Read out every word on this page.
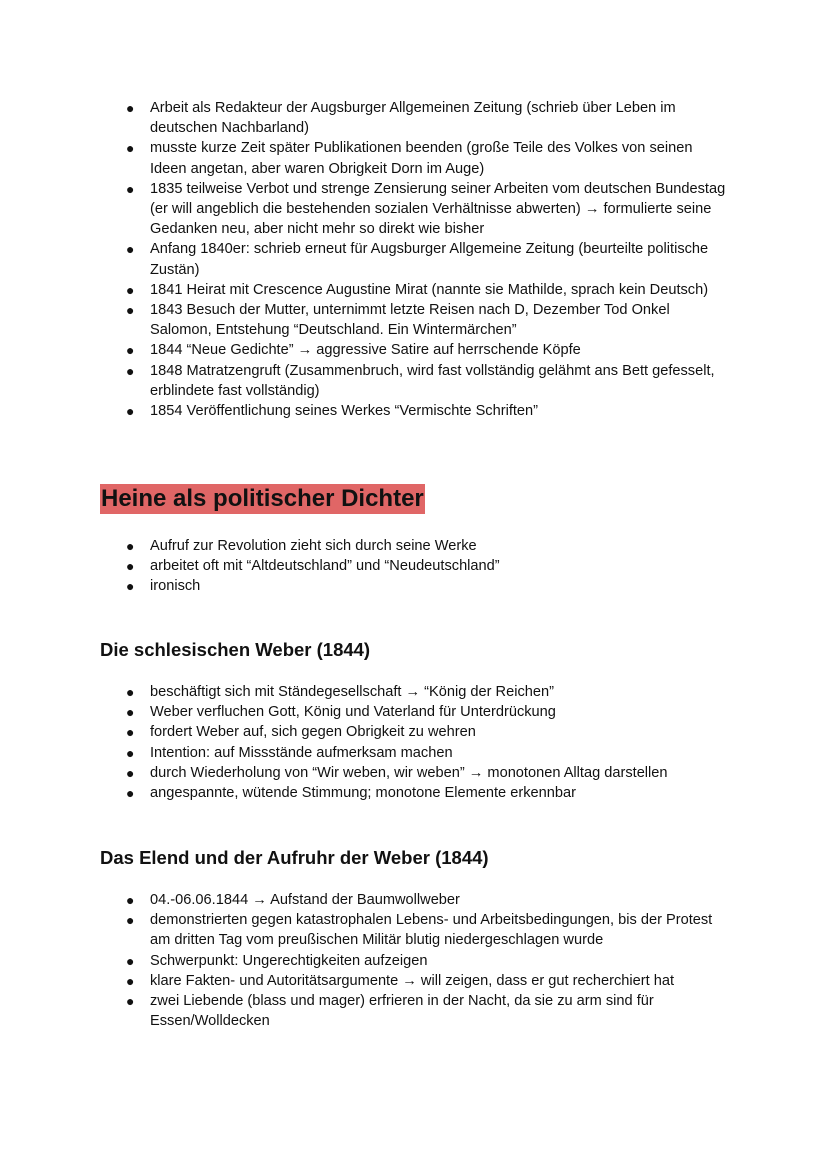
● Arbeit als Redakteur der Augsburger Allgemeinen Zeitung (schrieb über Leben im deutschen Nachbarland)
● musste kurze Zeit später Publikationen beenden (große Teile des Volkes von seinen Ideen angetan, aber waren Obrigkeit Dorn im Auge)
● 1835 teilweise Verbot und strenge Zensierung seiner Arbeiten vom deutschen Bundestag (er will angeblich die bestehenden sozialen Verhältnisse abwerten) → formulierte seine Gedanken neu, aber nicht mehr so direkt wie bisher
● Anfang 1840er: schrieb erneut für Augsburger Allgemeine Zeitung (beurteilte politische Zustän)
● 1841 Heirat mit Crescence Augustine Mirat (nannte sie Mathilde, sprach kein Deutsch)
● 1843 Besuch der Mutter, unternimmt letzte Reisen nach D, Dezember Tod Onkel Salomon, Entstehung “Deutschland. Ein Wintermärchen”
● 1844 “Neue Gedichte” → aggressive Satire auf herrschende Köpfe
● 1848 Matratzengruft (Zusammenbruch, wird fast vollständig gelähmt ans Bett gefesselt, erblindete fast vollständig)
● 1854 Veröffentlichung seines Werkes “Vermischte Schriften”
Heine als politischer Dichter
● Aufruf zur Revolution zieht sich durch seine Werke
● arbeitet oft mit “Altdeutschland” und “Neudeutschland”
● ironisch
Die schlesischen Weber (1844)
● beschäftigt sich mit Ständegesellschaft → “König der Reichen”
● Weber verfluchen Gott, König und Vaterland für Unterdrückung
● fordert Weber auf, sich gegen Obrigkeit zu wehren
● Intention: auf Missstände aufmerksam machen
● durch Wiederholung von “Wir weben, wir weben” → monotonen Alltag darstellen
● angespannte, wütende Stimmung; monotone Elemente erkennbar
Das Elend und der Aufruhr der Weber (1844)
● 04.-06.06.1844 → Aufstand der Baumwollweber
● demonstrierten gegen katastrophalen Lebens- und Arbeitsbedingungen, bis der Protest am dritten Tag vom preußischen Militär blutig niedergeschlagen wurde
● Schwerpunkt: Ungerechtigkeiten aufzeigen
● klare Fakten- und Autoritätsargumente → will zeigen, dass er gut recherchiert hat
● zwei Liebende (blass und mager) erfrieren in der Nacht, da sie zu arm sind für Essen/Wolldecken
